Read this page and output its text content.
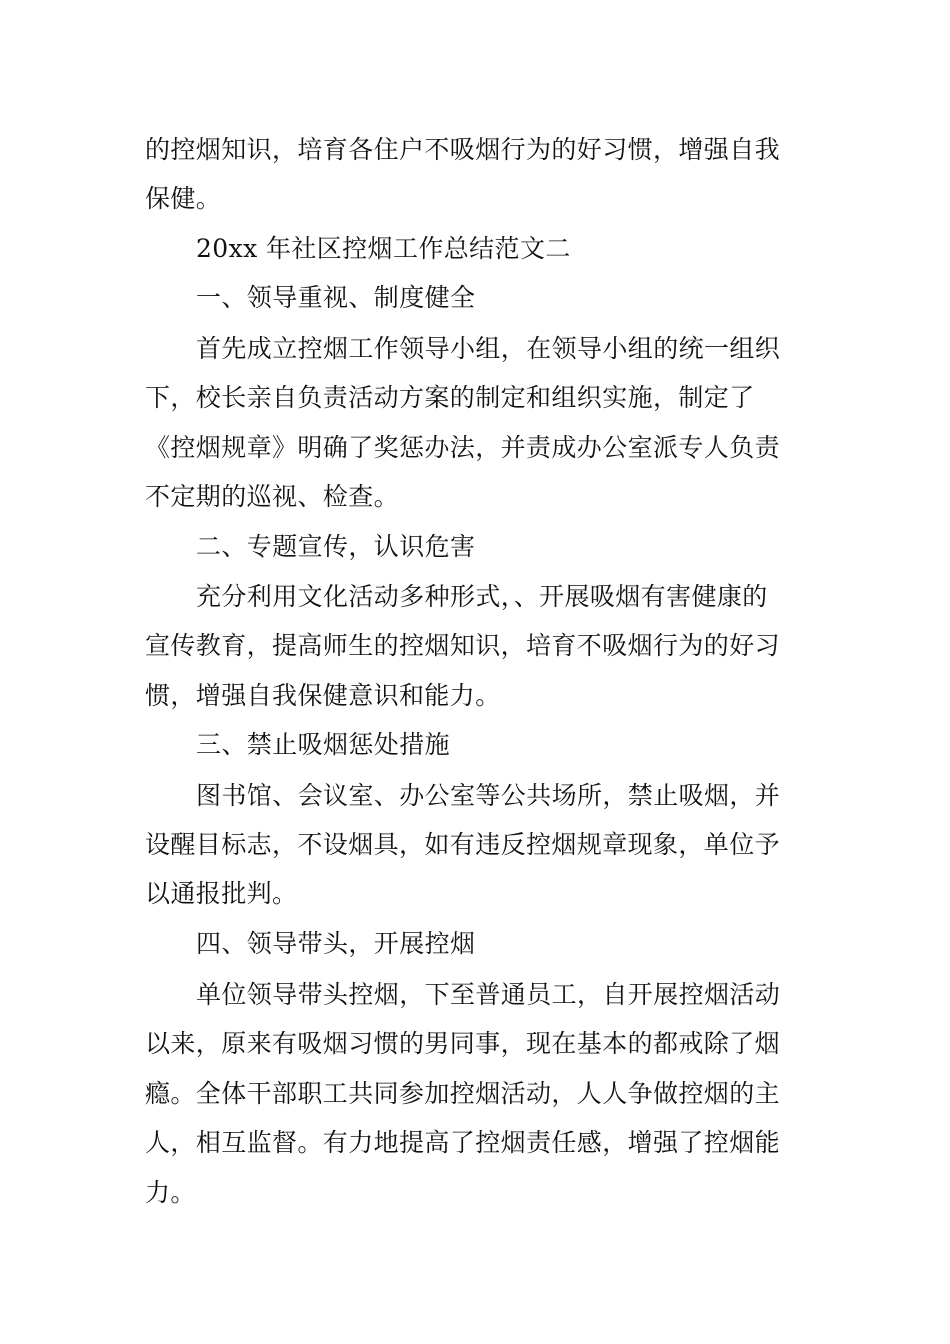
的控烟知识，培育各住户不吸烟行为的好习惯，增强自我
保健。
20xx 年社区控烟工作总结范文二
一、领导重视、制度健全
首先成立控烟工作领导小组，在领导小组的统一组织
下，校长亲自负责活动方案的制定和组织实施，制定了
《控烟规章》明确了奖惩办法，并责成办公室派专人负责
不定期的巡视、检查。
二、专题宣传，认识危害
充分利用文化活动多种形式，、开展吸烟有害健康的
宣传教育，提高师生的控烟知识，培育不吸烟行为的好习
惯，增强自我保健意识和能力。
三、禁止吸烟惩处措施
图书馆、会议室、办公室等公共场所，禁止吸烟，并
设醒目标志，不设烟具，如有违反控烟规章现象，单位予
以通报批判。
四、领导带头，开展控烟
单位领导带头控烟，下至普通员工，自开展控烟活动
以来，原来有吸烟习惯的男同事，现在基本的都戒除了烟
瘾。全体干部职工共同参加控烟活动，人人争做控烟的主
人，相互监督。有力地提高了控烟责任感，增强了控烟能
力。
